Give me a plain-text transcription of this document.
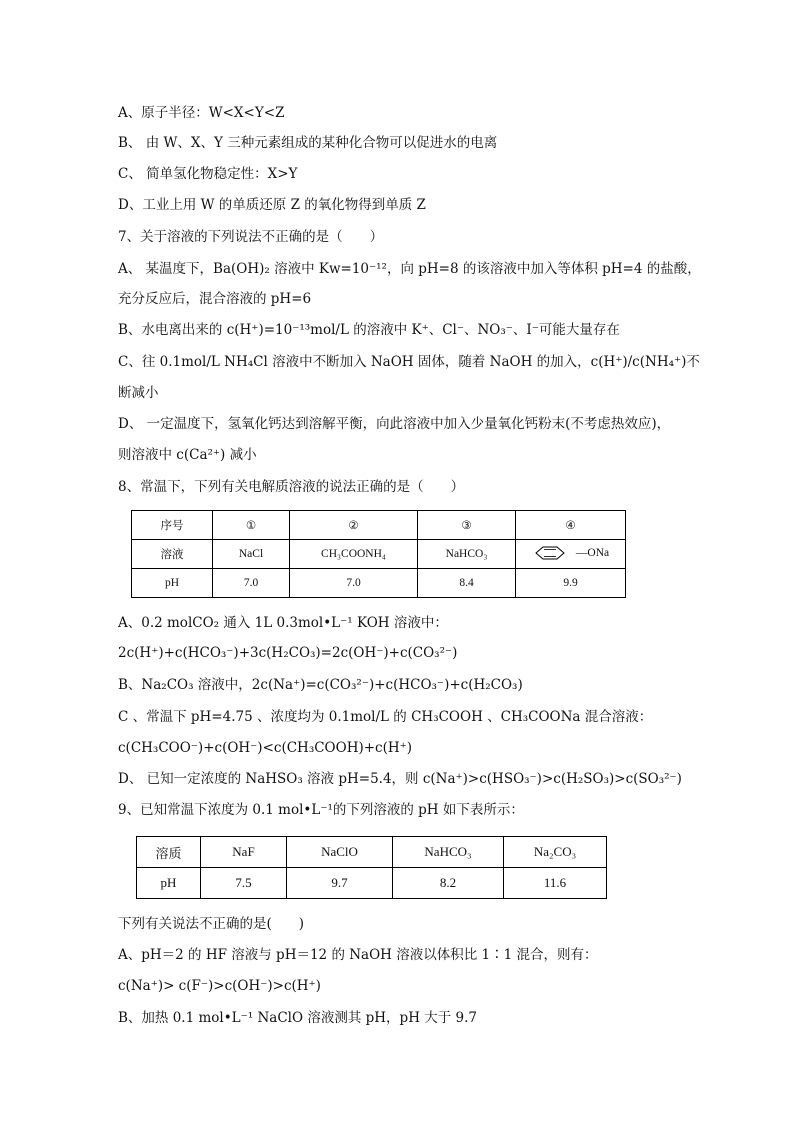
A、原子半径：W<X<Y<Z
B、 由 W、X、Y 三种元素组成的某种化合物可以促进水的电离
C、 简单氢化物稳定性：X>Y
D、工业上用 W 的单质还原 Z 的氧化物得到单质 Z
7、关于溶液的下列说法不正确的是（　　）
A、 某温度下，Ba(OH)₂ 溶液中 Kw=10⁻¹²，向 pH=8 的该溶液中加入等体积 pH=4 的盐酸，
充分反应后，混合溶液的 pH=6
B、水电离出来的 c(H⁺)=10⁻¹³mol/L 的溶液中 K⁺、Cl⁻、NO₃⁻、I⁻可能大量存在
C、往 0.1mol/L NH₄Cl 溶液中不断加入 NaOH 固体，随着 NaOH 的加入，c(H⁺)/c(NH₄⁺)不
断减小
D、 一定温度下，氢氧化钙达到溶解平衡，向此溶液中加入少量氧化钙粉末(不考虑热效应)，
则溶液中 c(Ca²⁺) 减小
8、常温下，下列有关电解质溶液的说法正确的是（　　）
序号	①	②	③	④
溶液	NaCl	CH₃COONH₄	NaHCO₃	—ONa

pH	7.0	7.0	8.4	9.9
A、0.2 molCO₂ 通入 1L 0.3mol•L⁻¹ KOH 溶液中：
2c(H⁺)+c(HCO₃⁻)+3c(H₂CO₃)=2c(OH⁻)+c(CO₃²⁻)
B、Na₂CO₃ 溶液中，2c(Na⁺)=c(CO₃²⁻)+c(HCO₃⁻)+c(H₂CO₃)
C 、常温下 pH=4.75 、浓度均为 0.1mol/L 的 CH₃COOH 、CH₃COONa 混合溶液：
c(CH₃COO⁻)+c(OH⁻)<c(CH₃COOH)+c(H⁺)
D、 已知一定浓度的 NaHSO₃ 溶液 pH=5.4，则 c(Na⁺)>c(HSO₃⁻)>c(H₂SO₃)>c(SO₃²⁻)
9、已知常温下浓度为 0.1 mol•L⁻¹的下列溶液的 pH 如下表所示：
溶质	NaF	NaClO	NaHCO₃	Na₂CO₃
pH	7.5	9.7	8.2	11.6
下列有关说法不正确的是(　　)
A、pH＝2 的 HF 溶液与 pH＝12 的 NaOH 溶液以体积比 1∶1 混合，则有：
c(Na⁺)> c(F⁻)>c(OH⁻)>c(H⁺)
B、加热 0.1 mol•L⁻¹ NaClO 溶液测其 pH，pH 大于 9.7
